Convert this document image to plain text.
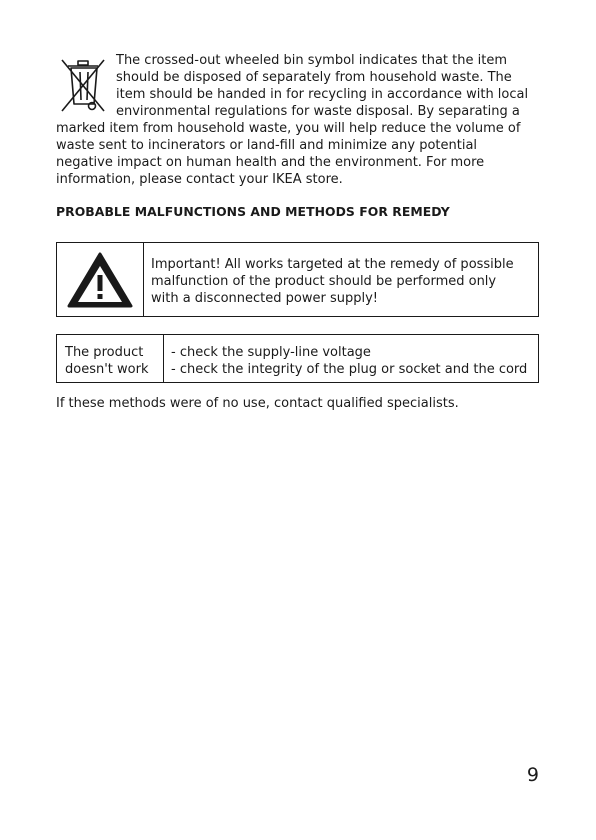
The crossed-out wheeled bin symbol indicates that the item should be disposed of separately from household waste. The item should be handed in for recycling in accordance with local environmental regulations for waste disposal. By separating a
marked item from household waste, you will help reduce the volume of
waste sent to incinerators or land-fill and minimize any potential
negative impact on human health and the environment. For more
information, please contact your IKEA store.

PROBABLE MALFUNCTIONS AND METHODS FOR REMEDY

Important! All works targeted at the remedy of possible
malfunction of the product should be performed only
with a disconnected power supply!

The product
doesn't work

- check the supply-line voltage
- check the integrity of the plug or socket and the cord

If these methods were of no use, contact qualified specialists.

9
